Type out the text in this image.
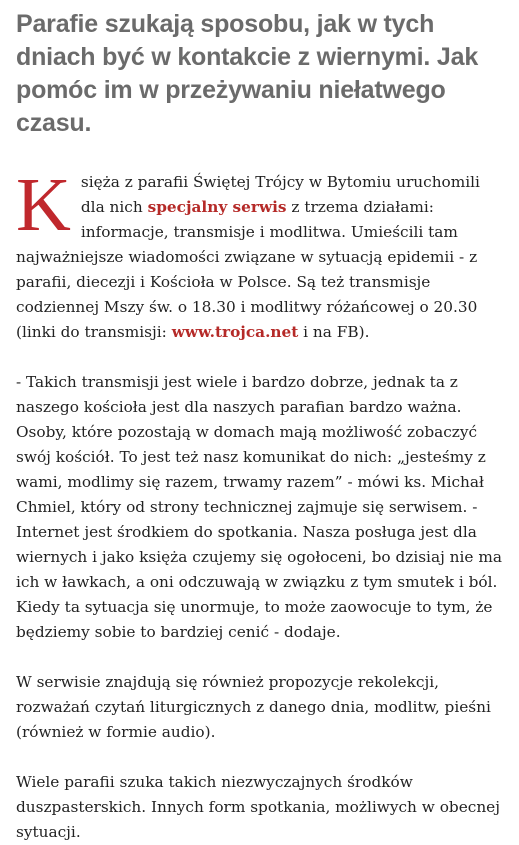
Parafie szukają sposobu, jak w tych dniach być w kontakcie z wiernymi. Jak pomóc im w przeżywaniu niełatwego czasu.

Księża z parafii Świętej Trójcy w Bytomiu uruchomili dla nich specjalny serwis z trzema działami: informacje, transmisje i modlitwa. Umieścili tam najważniejsze wiadomości związane w sytuacją epidemii - z parafii, diecezji i Kościoła w Polsce. Są też transmisje codziennej Mszy św. o 18.30 i modlitwy różańcowej o 20.30 (linki do transmisji: www.trojca.net i na FB).

- Takich transmisji jest wiele i bardzo dobrze, jednak ta z naszego kościoła jest dla naszych parafian bardzo ważna. Osoby, które pozostają w domach mają możliwość zobaczyć swój kościół. To jest też nasz komunikat do nich: „jesteśmy z wami, modlimy się razem, trwamy razem” - mówi ks. Michał Chmiel, który od strony technicznej zajmuje się serwisem. - Internet jest środkiem do spotkania. Nasza posługa jest dla wiernych i jako księża czujemy się ogołoceni, bo dzisiaj nie ma ich w ławkach, a oni odczuwają w związku z tym smutek i ból. Kiedy ta sytuacja się unormuje, to może zaowocuje to tym, że będziemy sobie to bardziej cenić - dodaje.

W serwisie znajdują się również propozycje rekolekcji, rozważań czytań liturgicznych z danego dnia, modlitw, pieśni (również w formie audio).

Wiele parafii szuka takich niezwyczajnych środków duszpasterskich. Innych form spotkania, możliwych w obecnej sytuacji.
